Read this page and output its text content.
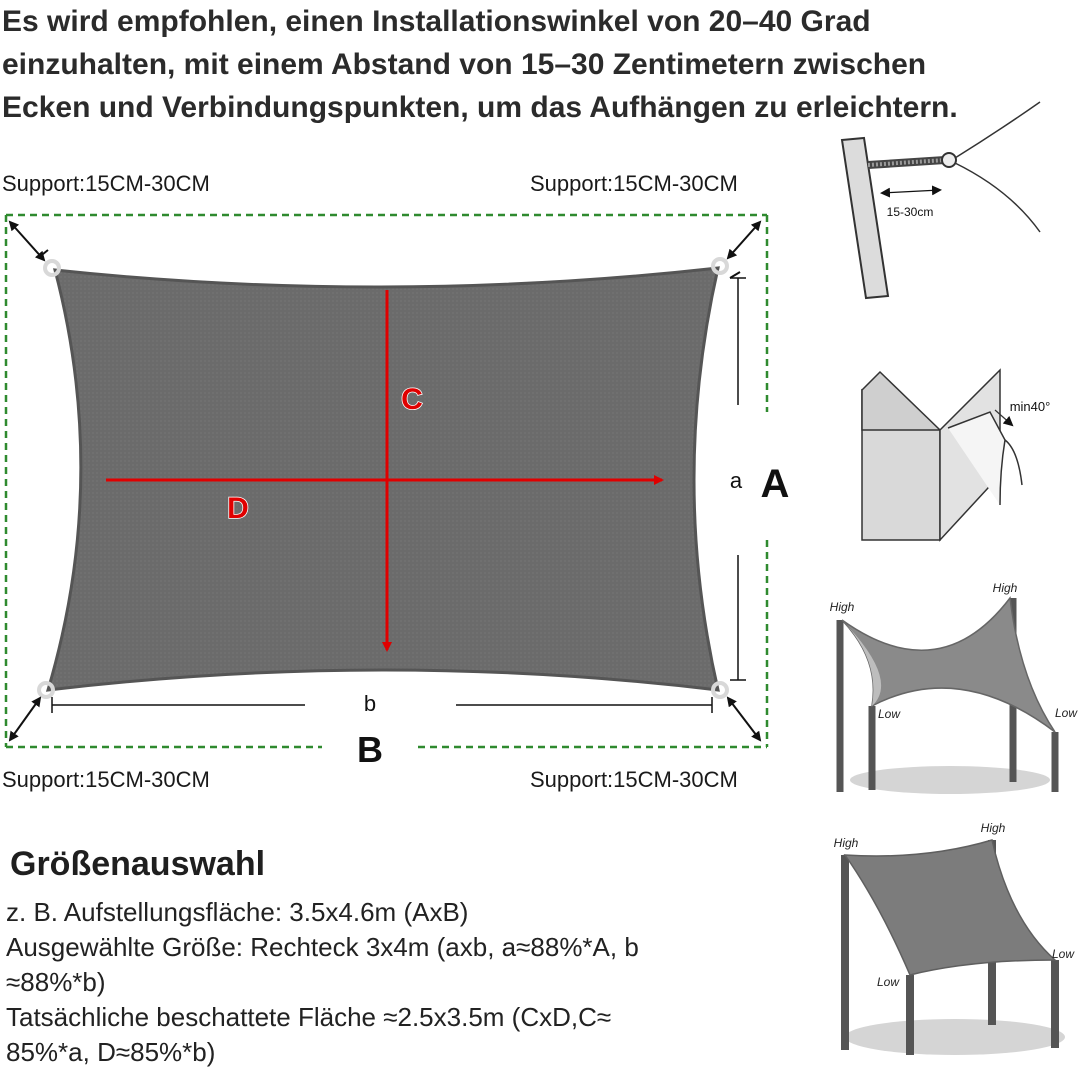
Es wird empfohlen, einen Installationswinkel von 20–40 Grad
einzuhalten, mit einem Abstand von 15–30 Zentimetern zwischen
Ecken und Verbindungspunkten, um das Aufhängen zu erleichtern.
Support:15CM-30CM	Support:15CM-30CM
Support:15CM-30CM	Support:15CM-30CM
C
D
a A
b
B
15-30cm
min40°
High
High
Low	Low
High
High
Low
Low
Größenauswahl
z. B. Aufstellungsfläche: 3.5x4.6m (AxB)
Ausgewählte Größe: Rechteck 3x4m (axb, a≈88%*A, b
≈88%*b)
Tatsächliche beschattete Fläche ≈2.5x3.5m (CxD,C≈
85%*a, D≈85%*b)
